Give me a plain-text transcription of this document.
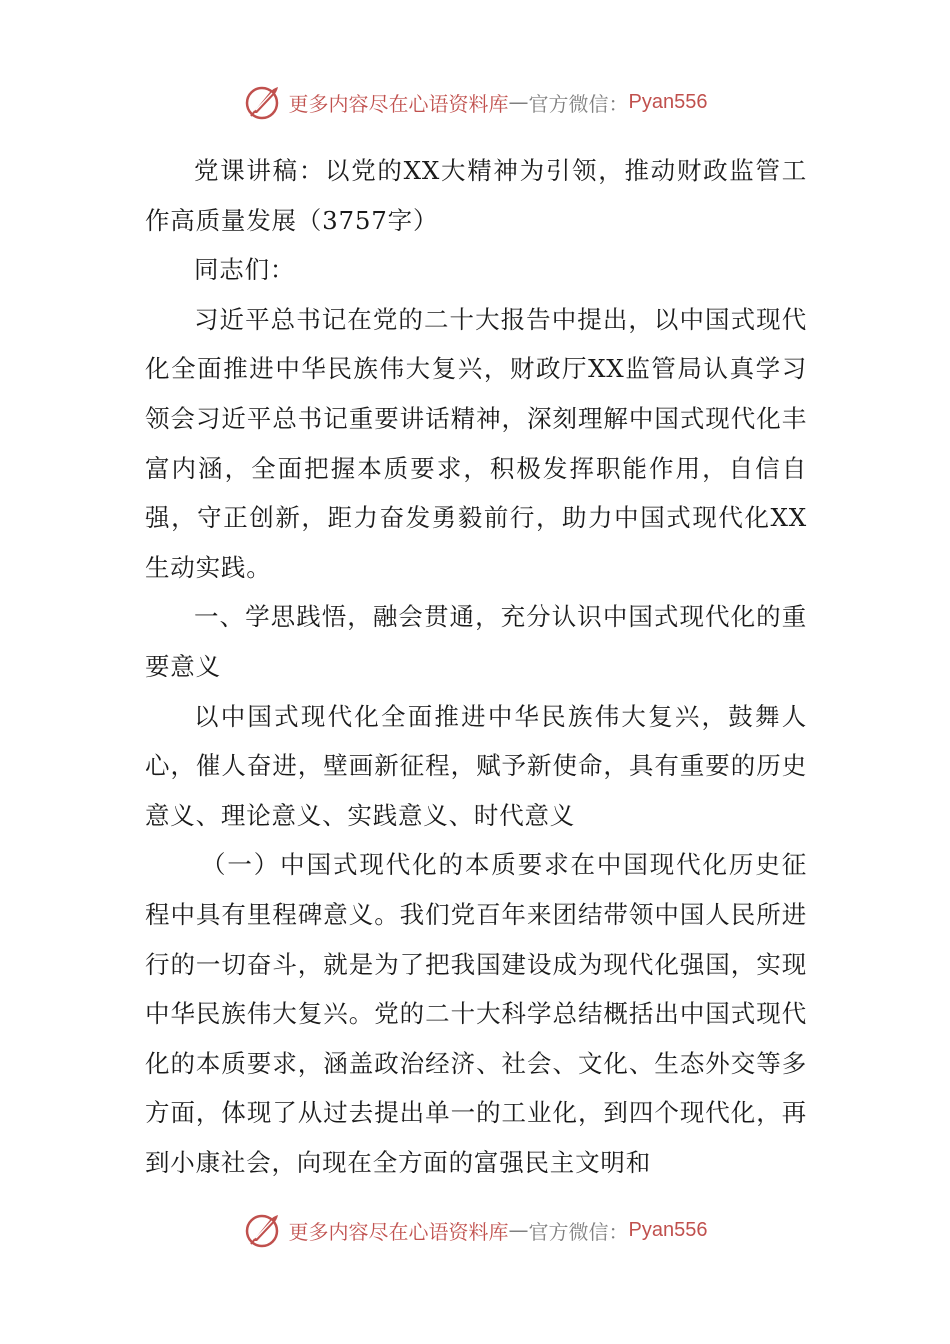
更多内容尽在心语资料库 — 官方微信： Pyan556

党课讲稿：以党的XX大精神为引领，推动财政监管工作高质量发展（3757字）

同志们：

习近平总书记在党的二十大报告中提出，以中国式现代化全面推进中华民族伟大复兴，财政厅XX监管局认真学习领会习近平总书记重要讲话精神，深刻理解中国式现代化丰富内涵，全面把握本质要求，积极发挥职能作用，自信自强，守正创新，距力奋发勇毅前行，助力中国式现代化XX生动实践。

一、学思践悟，融会贯通，充分认识中国式现代化的重要意义

以中国式现代化全面推进中华民族伟大复兴，鼓舞人心，催人奋进，壁画新征程，赋予新使命，具有重要的历史意义、理论意义、实践意义、时代意义

（一）中国式现代化的本质要求在中国现代化历史征程中具有里程碑意义。我们党百年来团结带领中国人民所进行的一切奋斗，就是为了把我国建设成为现代化强国，实现中华民族伟大复兴。党的二十大科学总结概括出中国式现代化的本质要求，涵盖政治经济、社会、文化、生态外交等多方面，体现了从过去提出单一的工业化，到四个现代化，再到小康社会，向现在全方面的富强民主文明和

更多内容尽在心语资料库 — 官方微信： Pyan556
